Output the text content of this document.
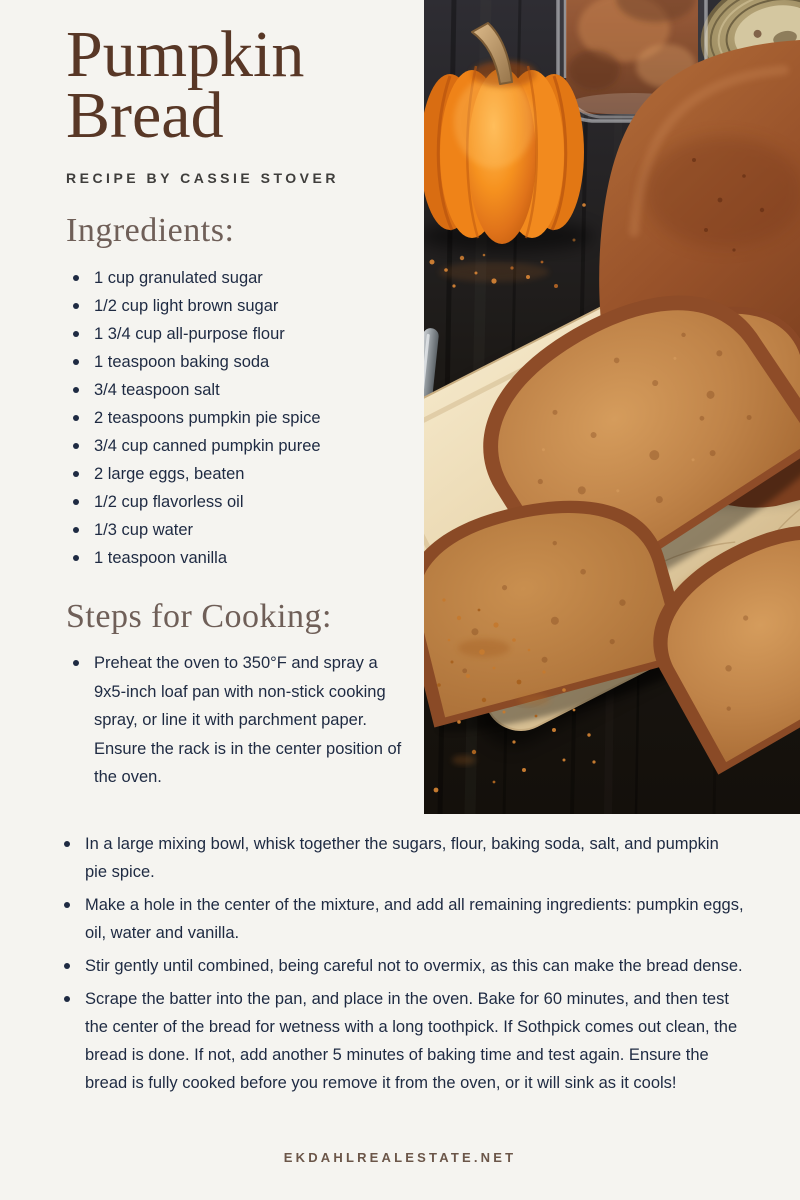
Pumpkin
Bread
RECIPE BY CASSIE STOVER
Ingredients:
1 cup granulated sugar
1/2 cup light brown sugar
1 3/4 cup all-purpose flour
1 teaspoon baking soda
3/4 teaspoon salt
2 teaspoons pumpkin pie spice
3/4 cup canned pumpkin puree
2 large eggs, beaten
1/2 cup flavorless oil
1/3 cup water
1 teaspoon vanilla
Steps for Cooking:
Preheat the oven to 350°F and spray a 9x5-inch loaf pan with non-stick cooking spray, or line it with parchment paper. Ensure the rack is in the center position of the oven.
In a large mixing bowl, whisk together the sugars, flour, baking soda, salt, and pumpkin pie spice.
Make a hole in the center of the mixture, and add all remaining ingredients: pumpkin eggs, oil, water and vanilla.
Stir gently until combined, being careful not to overmix, as this can make the bread dense.
Scrape the batter into the pan, and place in the oven. Bake for 60 minutes, and then test the center of the bread for wetness with a long toothpick. If Sothpick comes out clean, the bread is done. If not, add another 5 minutes of baking time and test again. Ensure the bread is fully cooked before you remove it from the oven, or it will sink as it cools!
EKDAHLREALESTATE.NET
